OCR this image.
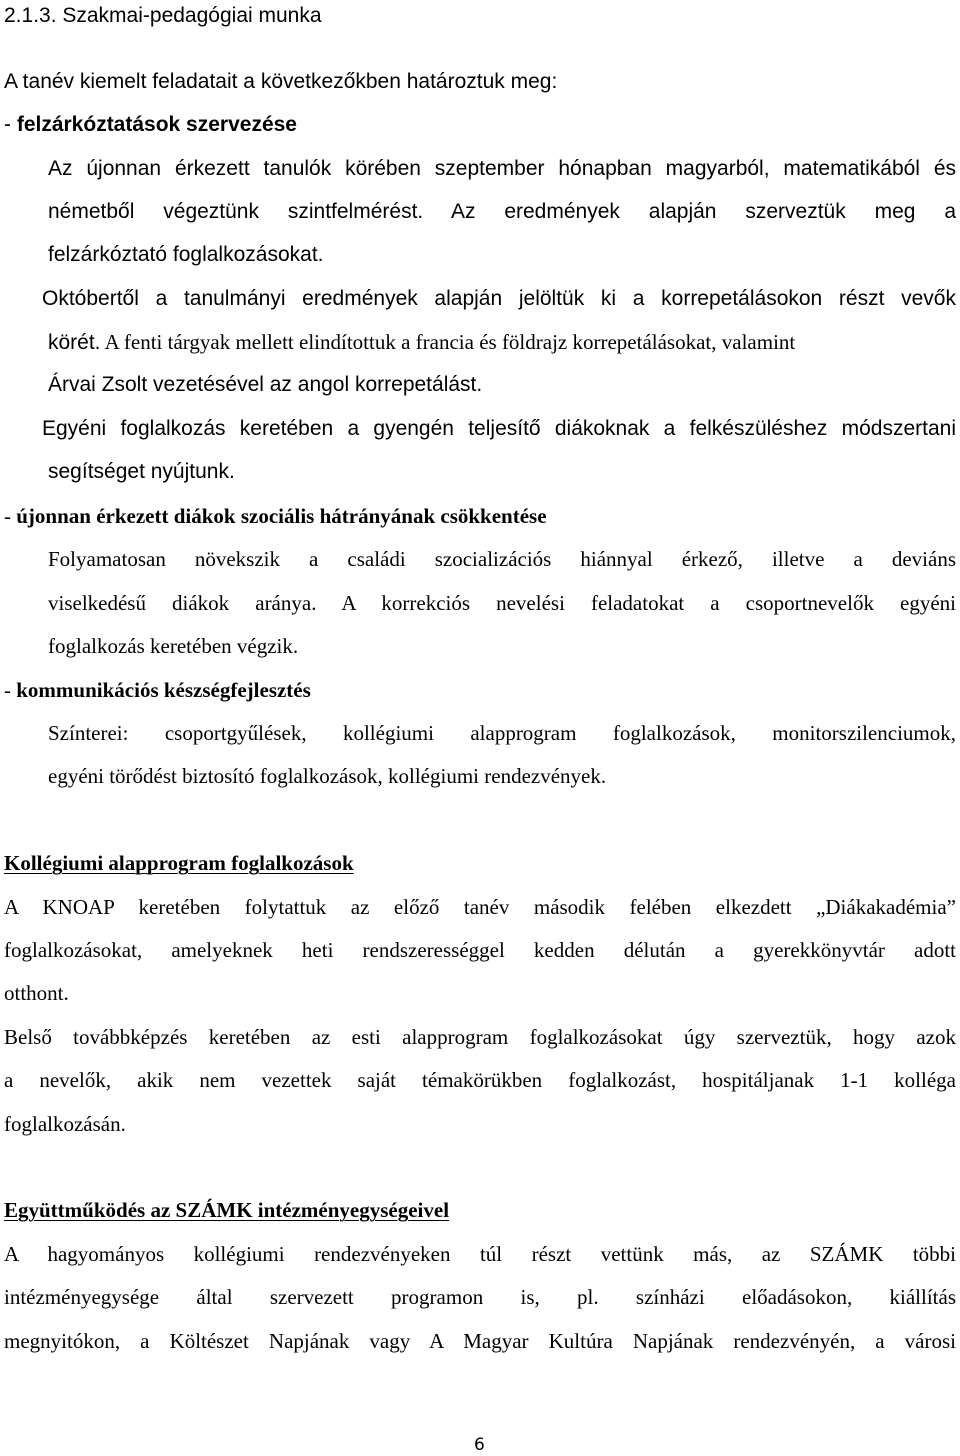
2.1.3. Szakmai-pedagógiai munka
A tanév kiemelt feladatait a következőkben határoztuk meg:
- felzárkóztatások szervezése
Az újonnan érkezett tanulók körében szeptember hónapban magyarból, matematikából és
németből végeztünk szintfelmérést. Az eredmények alapján szerveztük meg a
felzárkóztató foglalkozásokat.
Októbertől a tanulmányi eredmények alapján jelöltük ki a korrepetálásokon részt vevők
körét. A fenti tárgyak mellett elindítottuk a francia és földrajz korrepetálásokat, valamint
Árvai Zsolt vezetésével az angol korrepetálást.
Egyéni foglalkozás keretében a gyengén teljesítő diákoknak a felkészüléshez módszertani
segítséget nyújtunk.
- újonnan érkezett diákok szociális hátrányának csökkentése
Folyamatosan növekszik a családi szocializációs hiánnyal érkező, illetve a deviáns
viselkedésű diákok aránya. A korrekciós nevelési feladatokat a csoportnevelők egyéni
foglalkozás keretében végzik.
- kommunikációs készségfejlesztés
Színterei: csoportgyűlések, kollégiumi alapprogram foglalkozások, monitorszilenciumok,
egyéni törődést biztosító foglalkozások, kollégiumi rendezvények.
Kollégiumi alapprogram foglalkozások
A KNOAP keretében folytattuk az előző tanév második felében elkezdett „Diákakadémia”
foglalkozásokat, amelyeknek heti rendszerességgel kedden délután a gyerekkönyvtár adott
otthont.
Belső továbbképzés keretében az esti alapprogram foglalkozásokat úgy szerveztük, hogy azok
a nevelők, akik nem vezettek saját témakörükben foglalkozást, hospitáljanak 1-1 kolléga
foglalkozásán.
Együttműködés az SZÁMK intézményegységeivel
A hagyományos kollégiumi rendezvényeken túl részt vettünk más, az SZÁMK többi
intézményegysége által szervezett programon is, pl. színházi előadásokon, kiállítás
megnyitókon, a Költészet Napjának vagy A Magyar Kultúra Napjának rendezvényén, a városi
6
